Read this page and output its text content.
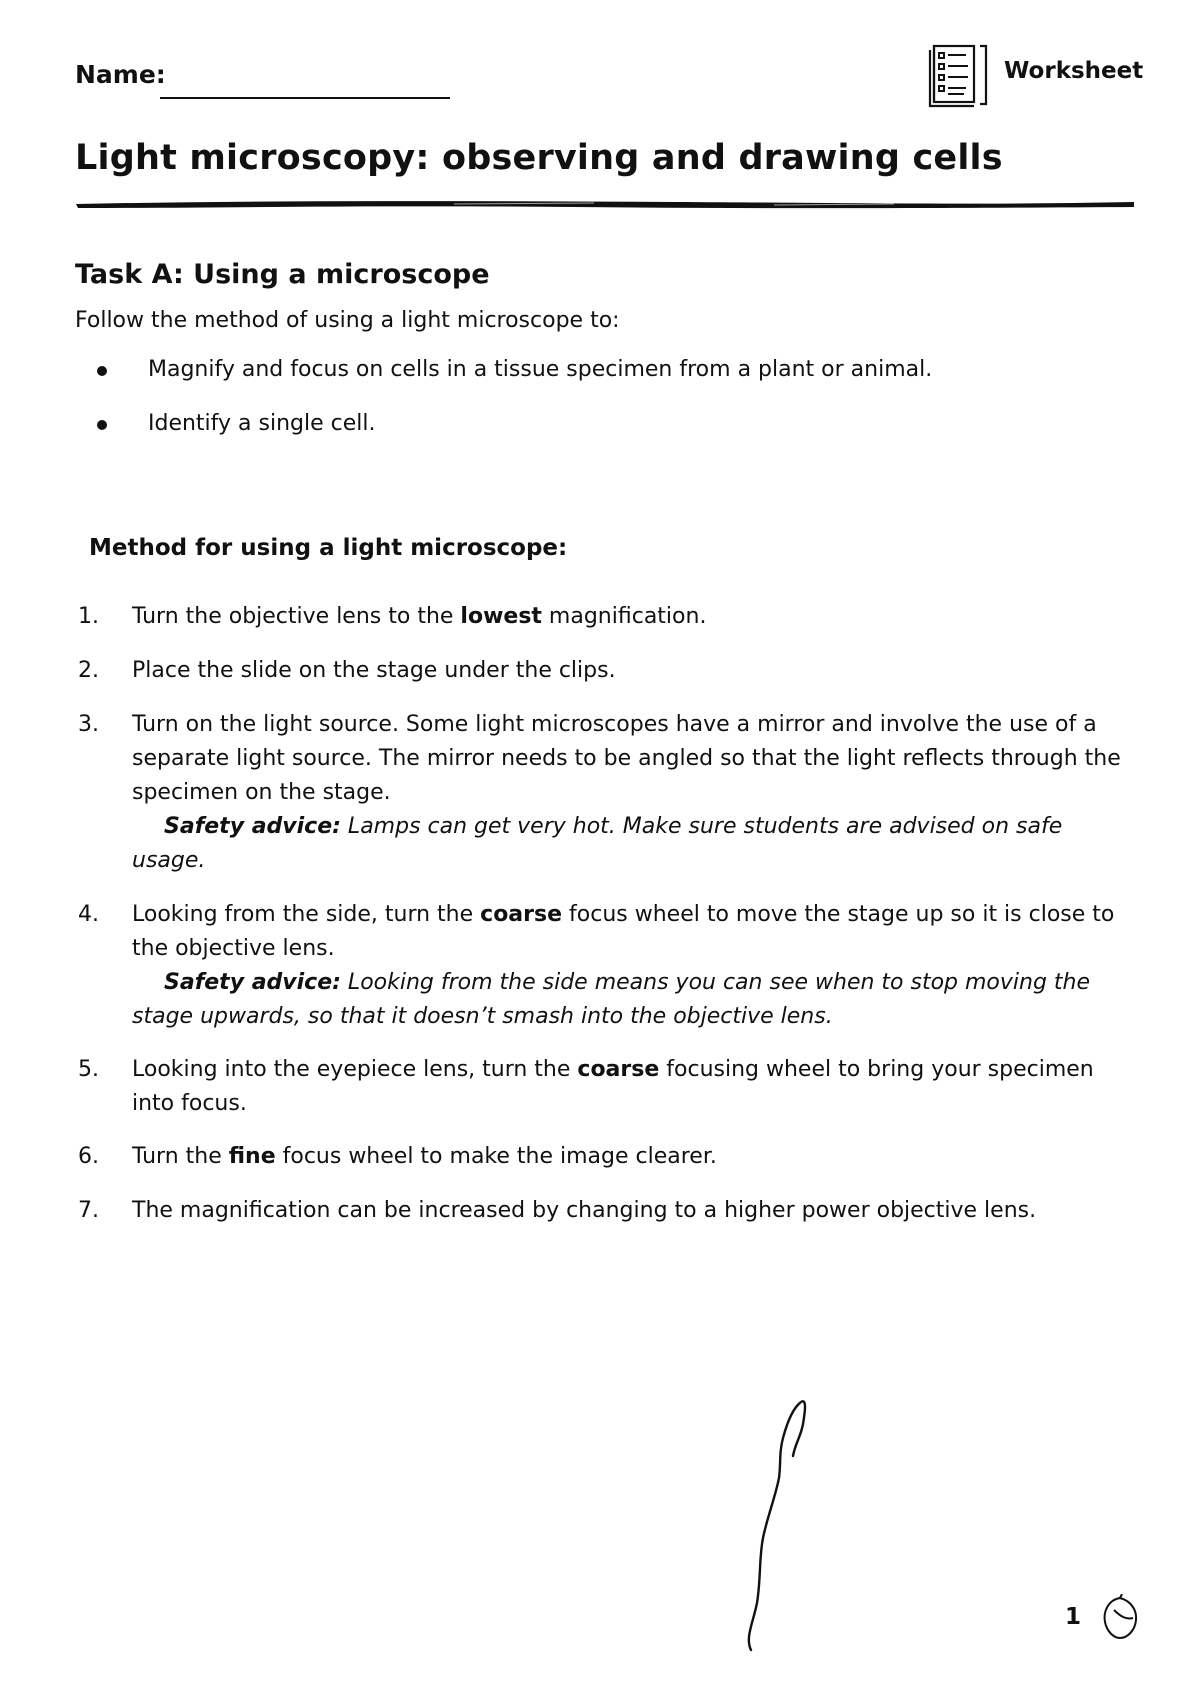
Name:	Worksheet
Light microscopy: observing and drawing cells
Task A: Using a microscope
Follow the method of using a light microscope to:
Magnify and focus on cells in a tissue specimen from a plant or animal.
Identify a single cell.
Method for using a light microscope:
1. Turn the objective lens to the lowest magnification.
2. Place the slide on the stage under the clips.
3. Turn on the light source. Some light microscopes have a mirror and involve the use of a separate light source. The mirror needs to be angled so that the light reflects through the specimen on the stage.
Safety advice: Lamps can get very hot. Make sure students are advised on safe usage.
4. Looking from the side, turn the coarse focus wheel to move the stage up so it is close to the objective lens.
Safety advice: Looking from the side means you can see when to stop moving the stage upwards, so that it doesn’t smash into the objective lens.
5. Looking into the eyepiece lens, turn the coarse focusing wheel to bring your specimen into focus.
6. Turn the fine focus wheel to make the image clearer.
7. The magnification can be increased by changing to a higher power objective lens.
1
